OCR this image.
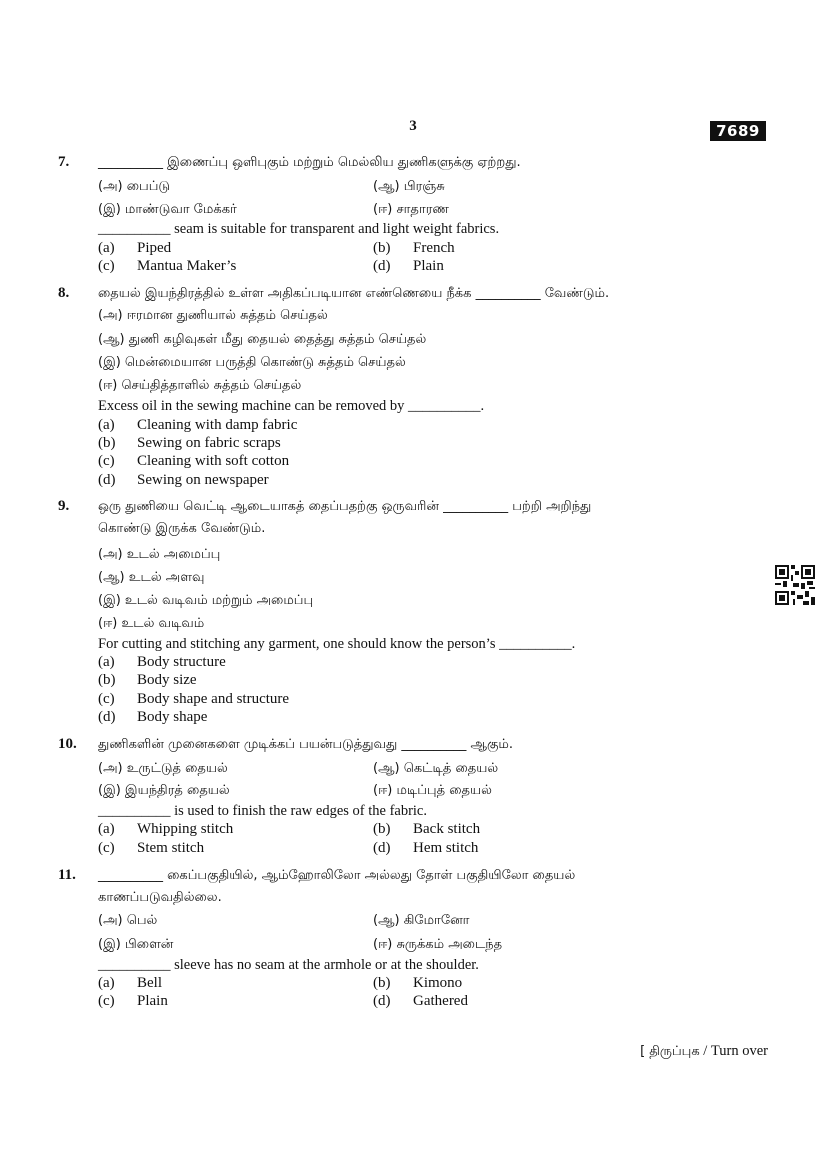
3	7689
7. __________ இணைப்பு ஒளிபுகும் மற்றும் மெல்லிய துணிகளுக்கு ஏற்றது.
(அ) பைப்டு	(ஆ) பிரஞ்சு
(இ) மாண்டுவா மேக்கர்	(ஈ) சாதாரண
__________ seam is suitable for transparent and light weight fabrics.
(a) Piped	(b) French
(c) Mantua Maker’s	(d) Plain
8. தையல் இயந்திரத்தில் உள்ள அதிகப்படியான எண்ணெயை நீக்க __________ வேண்டும்.
(அ) ஈரமான துணியால் சுத்தம் செய்தல்
(ஆ) துணி கழிவுகள் மீது தையல் தைத்து சுத்தம் செய்தல்
(இ) மென்மையான பருத்தி கொண்டு சுத்தம் செய்தல்
(ஈ) செய்தித்தாளில் சுத்தம் செய்தல்
Excess oil in the sewing machine can be removed by __________.
(a) Cleaning with damp fabric
(b) Sewing on fabric scraps
(c) Cleaning with soft cotton
(d) Sewing on newspaper
9. ஒரு துணியை வெட்டி ஆடையாகத் தைப்பதற்கு ஒருவரின் __________ பற்றி அறிந்து
கொண்டு இருக்க வேண்டும்.
(அ) உடல் அமைப்பு
(ஆ) உடல் அளவு
(இ) உடல் வடிவம் மற்றும் அமைப்பு
(ஈ) உடல் வடிவம்
For cutting and stitching any garment, one should know the person’s __________.
(a) Body structure
(b) Body size
(c) Body shape and structure
(d) Body shape
10. துணிகளின் முனைகளை முடிக்கப் பயன்படுத்துவது __________ ஆகும்.
(அ) உருட்டுத் தையல்	(ஆ) கெட்டித் தையல்
(இ) இயந்திரத் தையல்	(ஈ) மடிப்புத் தையல்
__________ is used to finish the raw edges of the fabric.
(a) Whipping stitch	(b) Back stitch
(c) Stem stitch	(d) Hem stitch
11. __________ கைப்பகுதியில், ஆம்ஹோலிலோ அல்லது தோள் பகுதியிலோ தையல்
காணப்படுவதில்லை.
(அ) பெல்	(ஆ) கிமோனோ
(இ) பிளைன்	(ஈ) சுருக்கம் அடைந்த
__________ sleeve has no seam at the armhole or at the shoulder.
(a) Bell	(b) Kimono
(c) Plain	(d) Gathered
[ திருப்புக / Turn over
